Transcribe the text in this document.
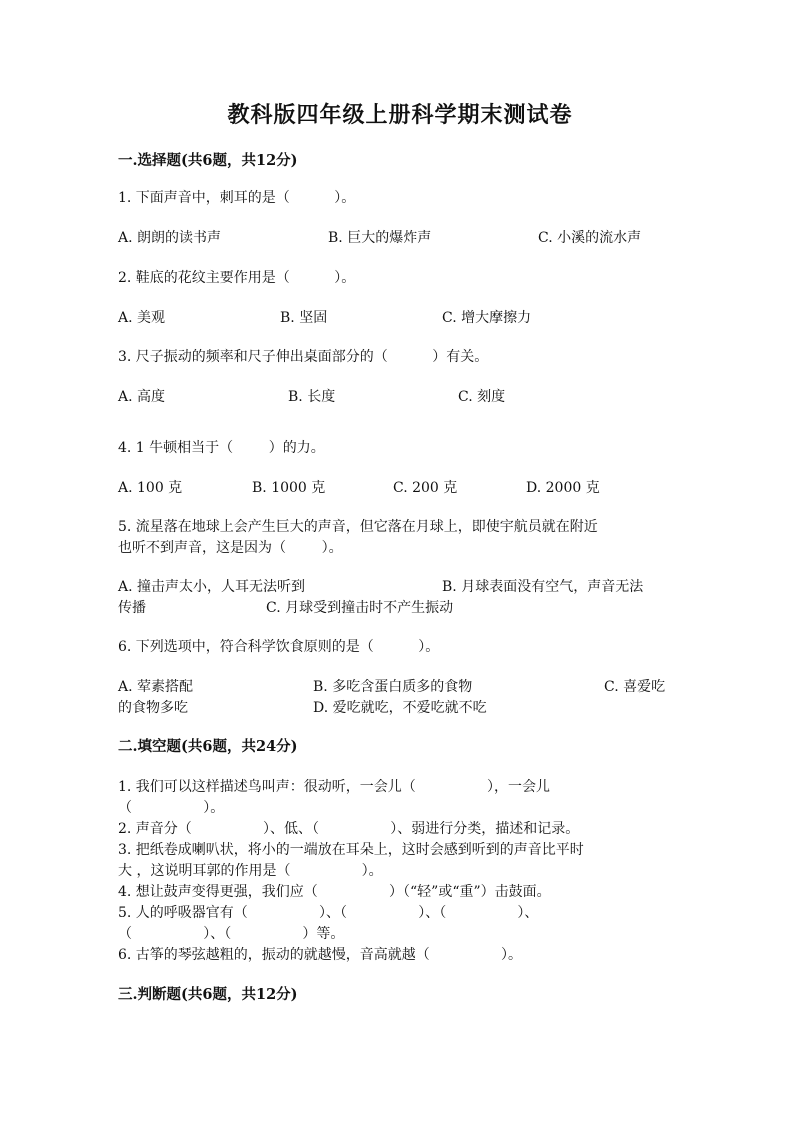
教科版四年级上册科学期末测试卷
一.选择题(共6题，共12分)
1. 下面声音中，刺耳的是（          ）。
A. 朗朗的读书声	B. 巨大的爆炸声	C. 小溪的流水声
2. 鞋底的花纹主要作用是（          ）。
A. 美观	B. 坚固	C. 增大摩擦力
3. 尺子振动的频率和尺子伸出桌面部分的（          ）有关。
A. 高度	B. 长度	C. 刻度
4. 1 牛顿相当于（        ）的力。
A. 100 克	B. 1000 克	C. 200 克	D. 2000 克
5. 流星落在地球上会产生巨大的声音，但它落在月球上，即使宇航员就在附近
也听不到声音，这是因为（        ）。
A. 撞击声太小，人耳无法听到	B. 月球表面没有空气，声音无法
传播	C. 月球受到撞击时不产生振动
6. 下列选项中，符合科学饮食原则的是（          ）。
A. 荤素搭配	B. 多吃含蛋白质多的食物	C. 喜爱吃
的食物多吃	D. 爱吃就吃，不爱吃就不吃
二.填空题(共6题，共24分)
1. 我们可以这样描述鸟叫声：很动听，一会儿（                ），一会儿
（                ）。
2. 声音分（                ）、低、（                ）、弱进行分类，描述和记录。
3. 把纸卷成喇叭状，将小的一端放在耳朵上，这时会感到听到的声音比平时
大 ，这说明耳郭的作用是（                ）。
4. 想让鼓声变得更强，我们应（                ）（“轻”或“重”）击鼓面。
5. 人的呼吸器官有（                ）、（                ）、（                ）、
（                ）、（                ）等。
6. 古筝的琴弦越粗的，振动的就越慢，音高就越（                ）。
三.判断题(共6题，共12分)
